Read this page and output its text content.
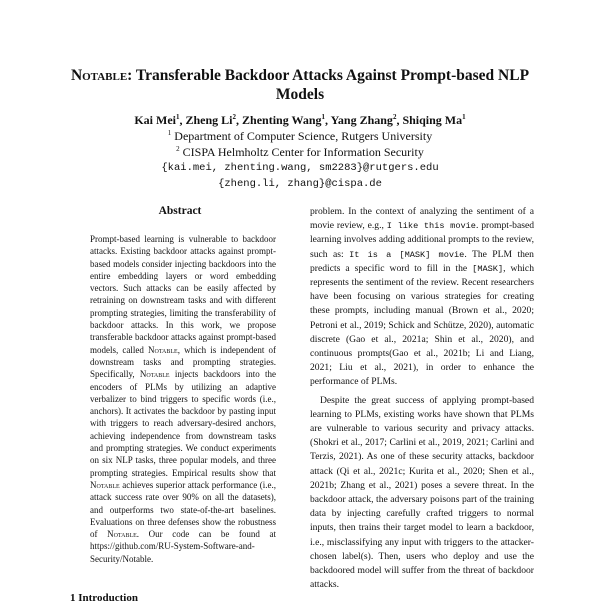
Notable: Transferable Backdoor Attacks Against Prompt-based NLP Models
Kai Mei$^1$, Zheng Li$^2$, Zhenting Wang$^1$, Yang Zhang$^2$, Shiqing Ma$^1$
$^1$ Department of Computer Science, Rutgers University
$^2$ CISPA Helmholtz Center for Information Security
{kai.mei, zhenting.wang, sm2283}@rutgers.edu
{zheng.li, zhang}@cispa.de
Abstract
Prompt-based learning is vulnerable to backdoor attacks. Existing backdoor attacks against prompt-based models consider injecting backdoors into the entire embedding layers or word embedding vectors. Such attacks can be easily affected by retraining on downstream tasks and with different prompting strategies, limiting the transferability of backdoor attacks. In this work, we propose transferable backdoor attacks against prompt-based models, called Notable, which is independent of downstream tasks and prompting strategies. Specifically, Notable injects backdoors into the encoders of PLMs by utilizing an adaptive verbalizer to bind triggers to specific words (i.e., anchors). It activates the backdoor by pasting input with triggers to reach adversary-desired anchors, achieving independence from downstream tasks and prompting strategies. We conduct experiments on six NLP tasks, three popular models, and three prompting strategies. Empirical results show that Notable achieves superior attack performance (i.e., attack success rate over 90% on all the datasets), and outperforms two state-of-the-art baselines. Evaluations on three defenses show the robustness of Notable. Our code can be found at https://github.com/RU-System-Software-and-Security/Notable.
1 Introduction

problem. In the context of analyzing the sentiment of a movie review, e.g., I like this movie. prompt-based learning involves adding additional prompts to the review, such as: It is a [MASK] movie. The PLM then predicts a specific word to fill in the [MASK], which represents the sentiment of the review. Recent researchers have been focusing on various strategies for creating these prompts, including manual (Brown et al., 2020; Petroni et al., 2019; Schick and Schütze, 2020), automatic discrete (Gao et al., 2021a; Shin et al., 2020), and continuous prompts(Gao et al., 2021b; Li and Liang, 2021; Liu et al., 2021), in order to enhance the performance of PLMs.

Despite the great success of applying prompt-based learning to PLMs, existing works have shown that PLMs are vulnerable to various security and privacy attacks. (Shokri et al., 2017; Carlini et al., 2019, 2021; Carlini and Terzis, 2021). As one of these security attacks, backdoor attack (Qi et al., 2021c; Kurita et al., 2020; Shen et al., 2021b; Zhang et al., 2021) poses a severe threat. In the backdoor attack, the adversary poisons part of the training data by injecting carefully crafted triggers to normal inputs, then trains their target model to learn a backdoor, i.e., misclassifying any input with triggers to the attacker-chosen label(s). Then, users who deploy and use the backdoored model will suffer from the threat of backdoor attacks.
